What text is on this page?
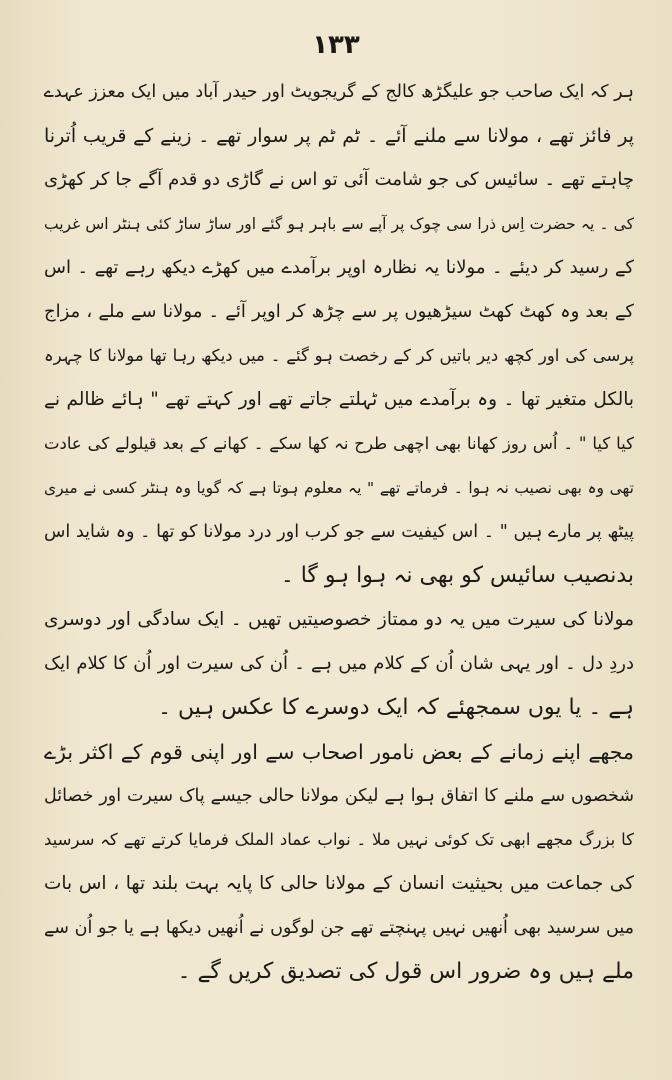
۱۳۳
ہر کہ ایک صاحب جو علیگڑھ کالج کے گریجویٹ اور حیدر آباد میں ایک معزز عہدے
پر فائز تھے ، مولانا سے ملنے آئے ۔ ٹم ٹم پر سوار تھے ۔ زینے کے قریب اُترنا
چاہتے تھے ۔ سائیس کی جو شامت آئی تو اس نے گاڑی دو قدم آگے جا کر کھڑی
کی ۔ یہ حضرت اِس ذرا سی چوک پر آپے سے باہر ہو گئے اور ساڑ ساڑ کئی ہنٹر اس غریب
کے رسید کر دیئے ۔ مولانا یہ نظارہ اوپر برآمدے میں کھڑے دیکھ رہے تھے ۔ اس
کے بعد وہ کھٹ کھٹ سیڑھیوں پر سے چڑھ کر اوپر آئے ۔ مولانا سے ملے ، مزاج
پرسی کی اور کچھ دیر باتیں کر کے رخصت ہو گئے ۔ میں دیکھ رہا تھا مولانا کا چہرہ
بالکل متغیر تھا ۔ وہ برآمدے میں ٹہلتے جاتے تھے اور کہتے تھے " ہائے ظالم نے
کیا کیا " ۔ اُس روز کھانا بھی اچھی طرح نہ کھا سکے ۔ کھانے کے بعد قیلولے کی عادت
تھی وہ بھی نصیب نہ ہوا ۔ فرماتے تھے " یہ معلوم ہوتا ہے کہ گویا وہ ہنٹر کسی نے میری
پیٹھ پر مارے ہیں " ۔ اس کیفیت سے جو کرب اور درد مولانا کو تھا ۔ وہ شاید اس
بدنصیب سائیس کو بھی نہ ہوا ہو گا ۔
مولانا کی سیرت میں یہ دو ممتاز خصوصیتیں تھیں ۔ ایک سادگی اور دوسری
دردِ دل ۔ اور یہی شان اُن کے کلام میں ہے ۔ اُن کی سیرت اور اُن کا کلام ایک
ہے ۔ یا یوں سمجھئے کہ ایک دوسرے کا عکس ہیں ۔
مجھے اپنے زمانے کے بعض نامور اصحاب سے اور اپنی قوم کے اکثر بڑے
شخصوں سے ملنے کا اتفاق ہوا ہے لیکن مولانا حالی جیسے پاک سیرت اور خصائل
کا بزرگ مجھے ابھی تک کوئی نہیں ملا ۔ نواب عماد الملک فرمایا کرتے تھے کہ سرسید
کی جماعت میں بحیثیت انسان کے مولانا حالی کا پایہ بہت بلند تھا ، اس بات
میں سرسید بھی اُنھیں نہیں پہنچتے تھے جن لوگوں نے اُنھیں دیکھا ہے یا جو اُن سے
ملے ہیں وہ ضرور اس قول کی تصدیق کریں گے ۔
